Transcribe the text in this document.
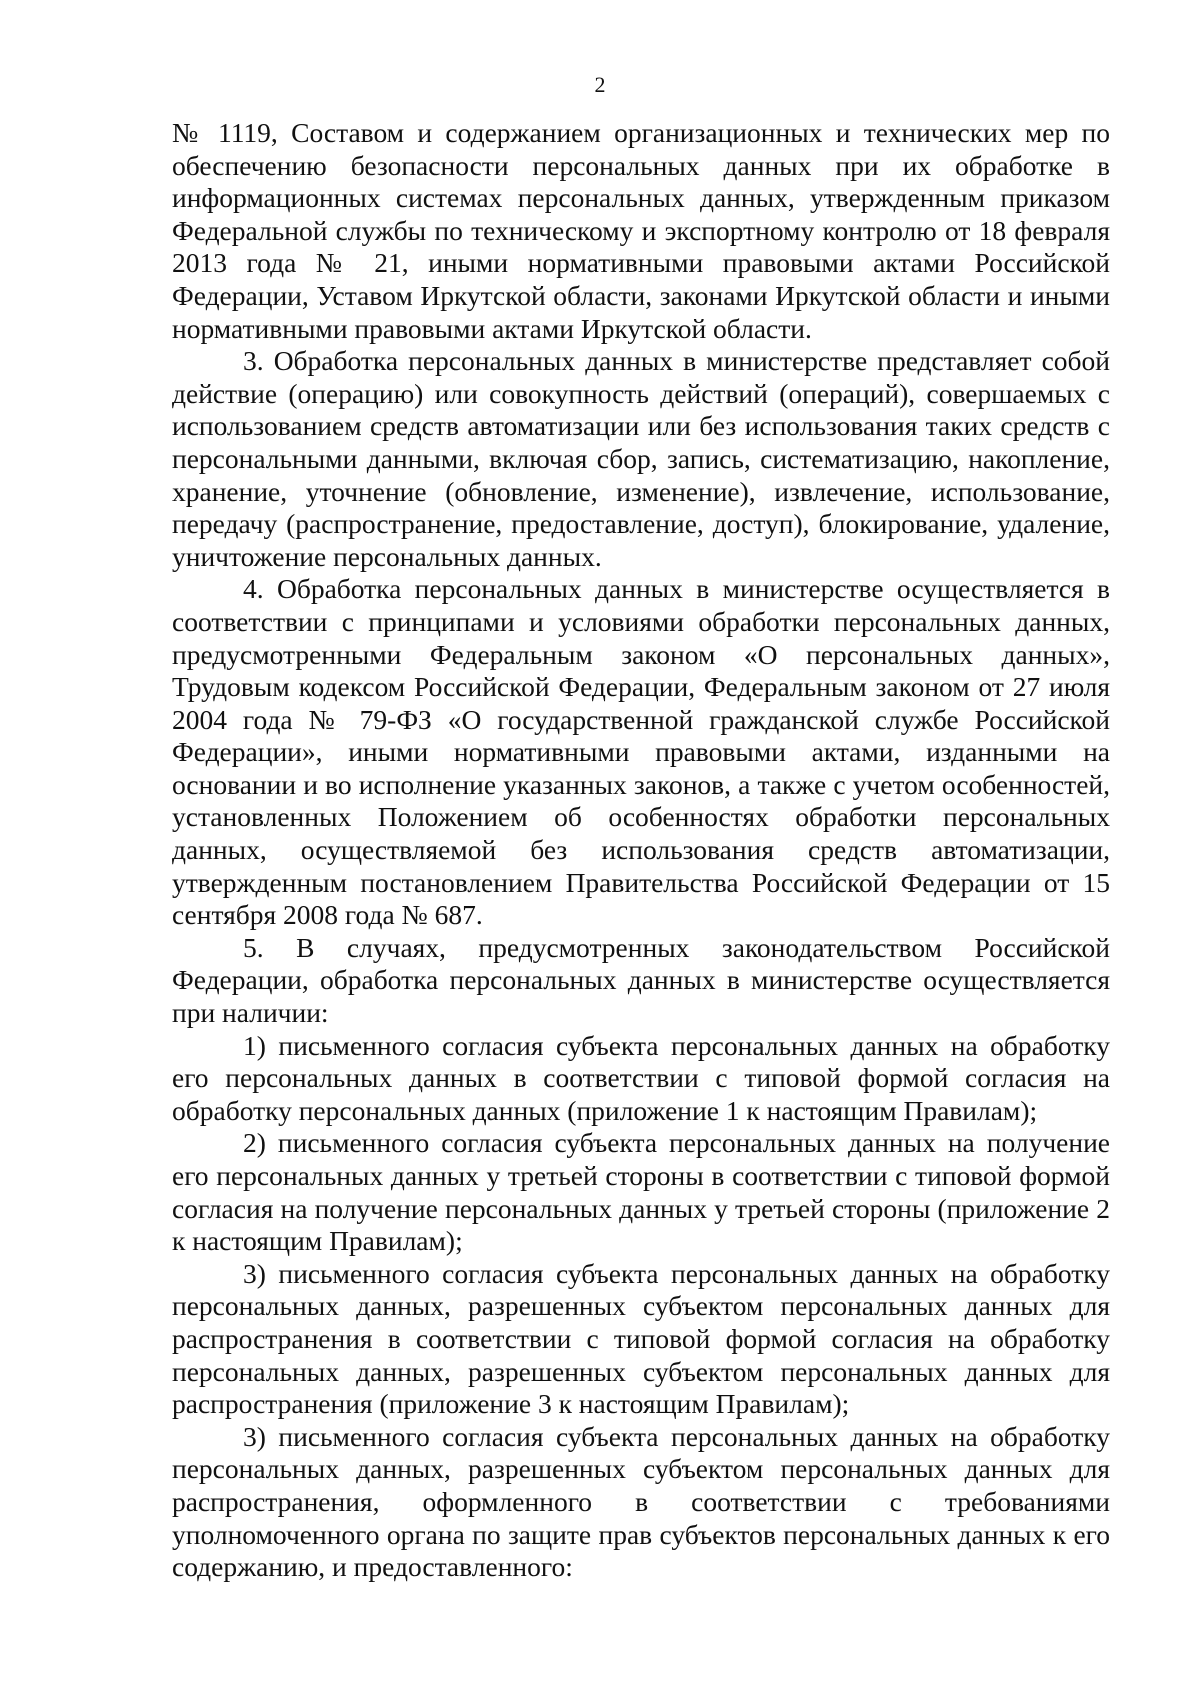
2

№ 1119, Составом и содержанием организационных и технических мер по обеспечению безопасности персональных данных при их обработке в информационных системах персональных данных, утвержденным приказом Федеральной службы по техническому и экспортному контролю от 18 февраля 2013 года № 21, иными нормативными правовыми актами Российской Федерации, Уставом Иркутской области, законами Иркутской области и иными нормативными правовыми актами Иркутской области.

3. Обработка персональных данных в министерстве представляет собой действие (операцию) или совокупность действий (операций), совершаемых с использованием средств автоматизации или без использования таких средств с персональными данными, включая сбор, запись, систематизацию, накопление, хранение, уточнение (обновление, изменение), извлечение, использование, передачу (распространение, предоставление, доступ), блокирование, удаление, уничтожение персональных данных.

4. Обработка персональных данных в министерстве осуществляется в соответствии с принципами и условиями обработки персональных данных, предусмотренными Федеральным законом «О персональных данных», Трудовым кодексом Российской Федерации, Федеральным законом от 27 июля 2004 года № 79-ФЗ «О государственной гражданской службе Российской Федерации», иными нормативными правовыми актами, изданными на основании и во исполнение указанных законов, а также с учетом особенностей, установленных Положением об особенностях обработки персональных данных, осуществляемой без использования средств автоматизации, утвержденным постановлением Правительства Российской Федерации от 15 сентября 2008 года № 687.

5. В случаях, предусмотренных законодательством Российской Федерации, обработка персональных данных в министерстве осуществляется при наличии:

1) письменного согласия субъекта персональных данных на обработку его персональных данных в соответствии с типовой формой согласия на обработку персональных данных (приложение 1 к настоящим Правилам);

2) письменного согласия субъекта персональных данных на получение его персональных данных у третьей стороны в соответствии с типовой формой согласия на получение персональных данных у третьей стороны (приложение 2 к настоящим Правилам);

3) письменного согласия субъекта персональных данных на обработку персональных данных, разрешенных субъектом персональных данных для распространения в соответствии с типовой формой согласия на обработку персональных данных, разрешенных субъектом персональных данных для распространения (приложение 3 к настоящим Правилам);

3) письменного согласия субъекта персональных данных на обработку персональных данных, разрешенных субъектом персональных данных для распространения, оформленного в соответствии с требованиями уполномоченного органа по защите прав субъектов персональных данных к его содержанию, и предоставленного:
